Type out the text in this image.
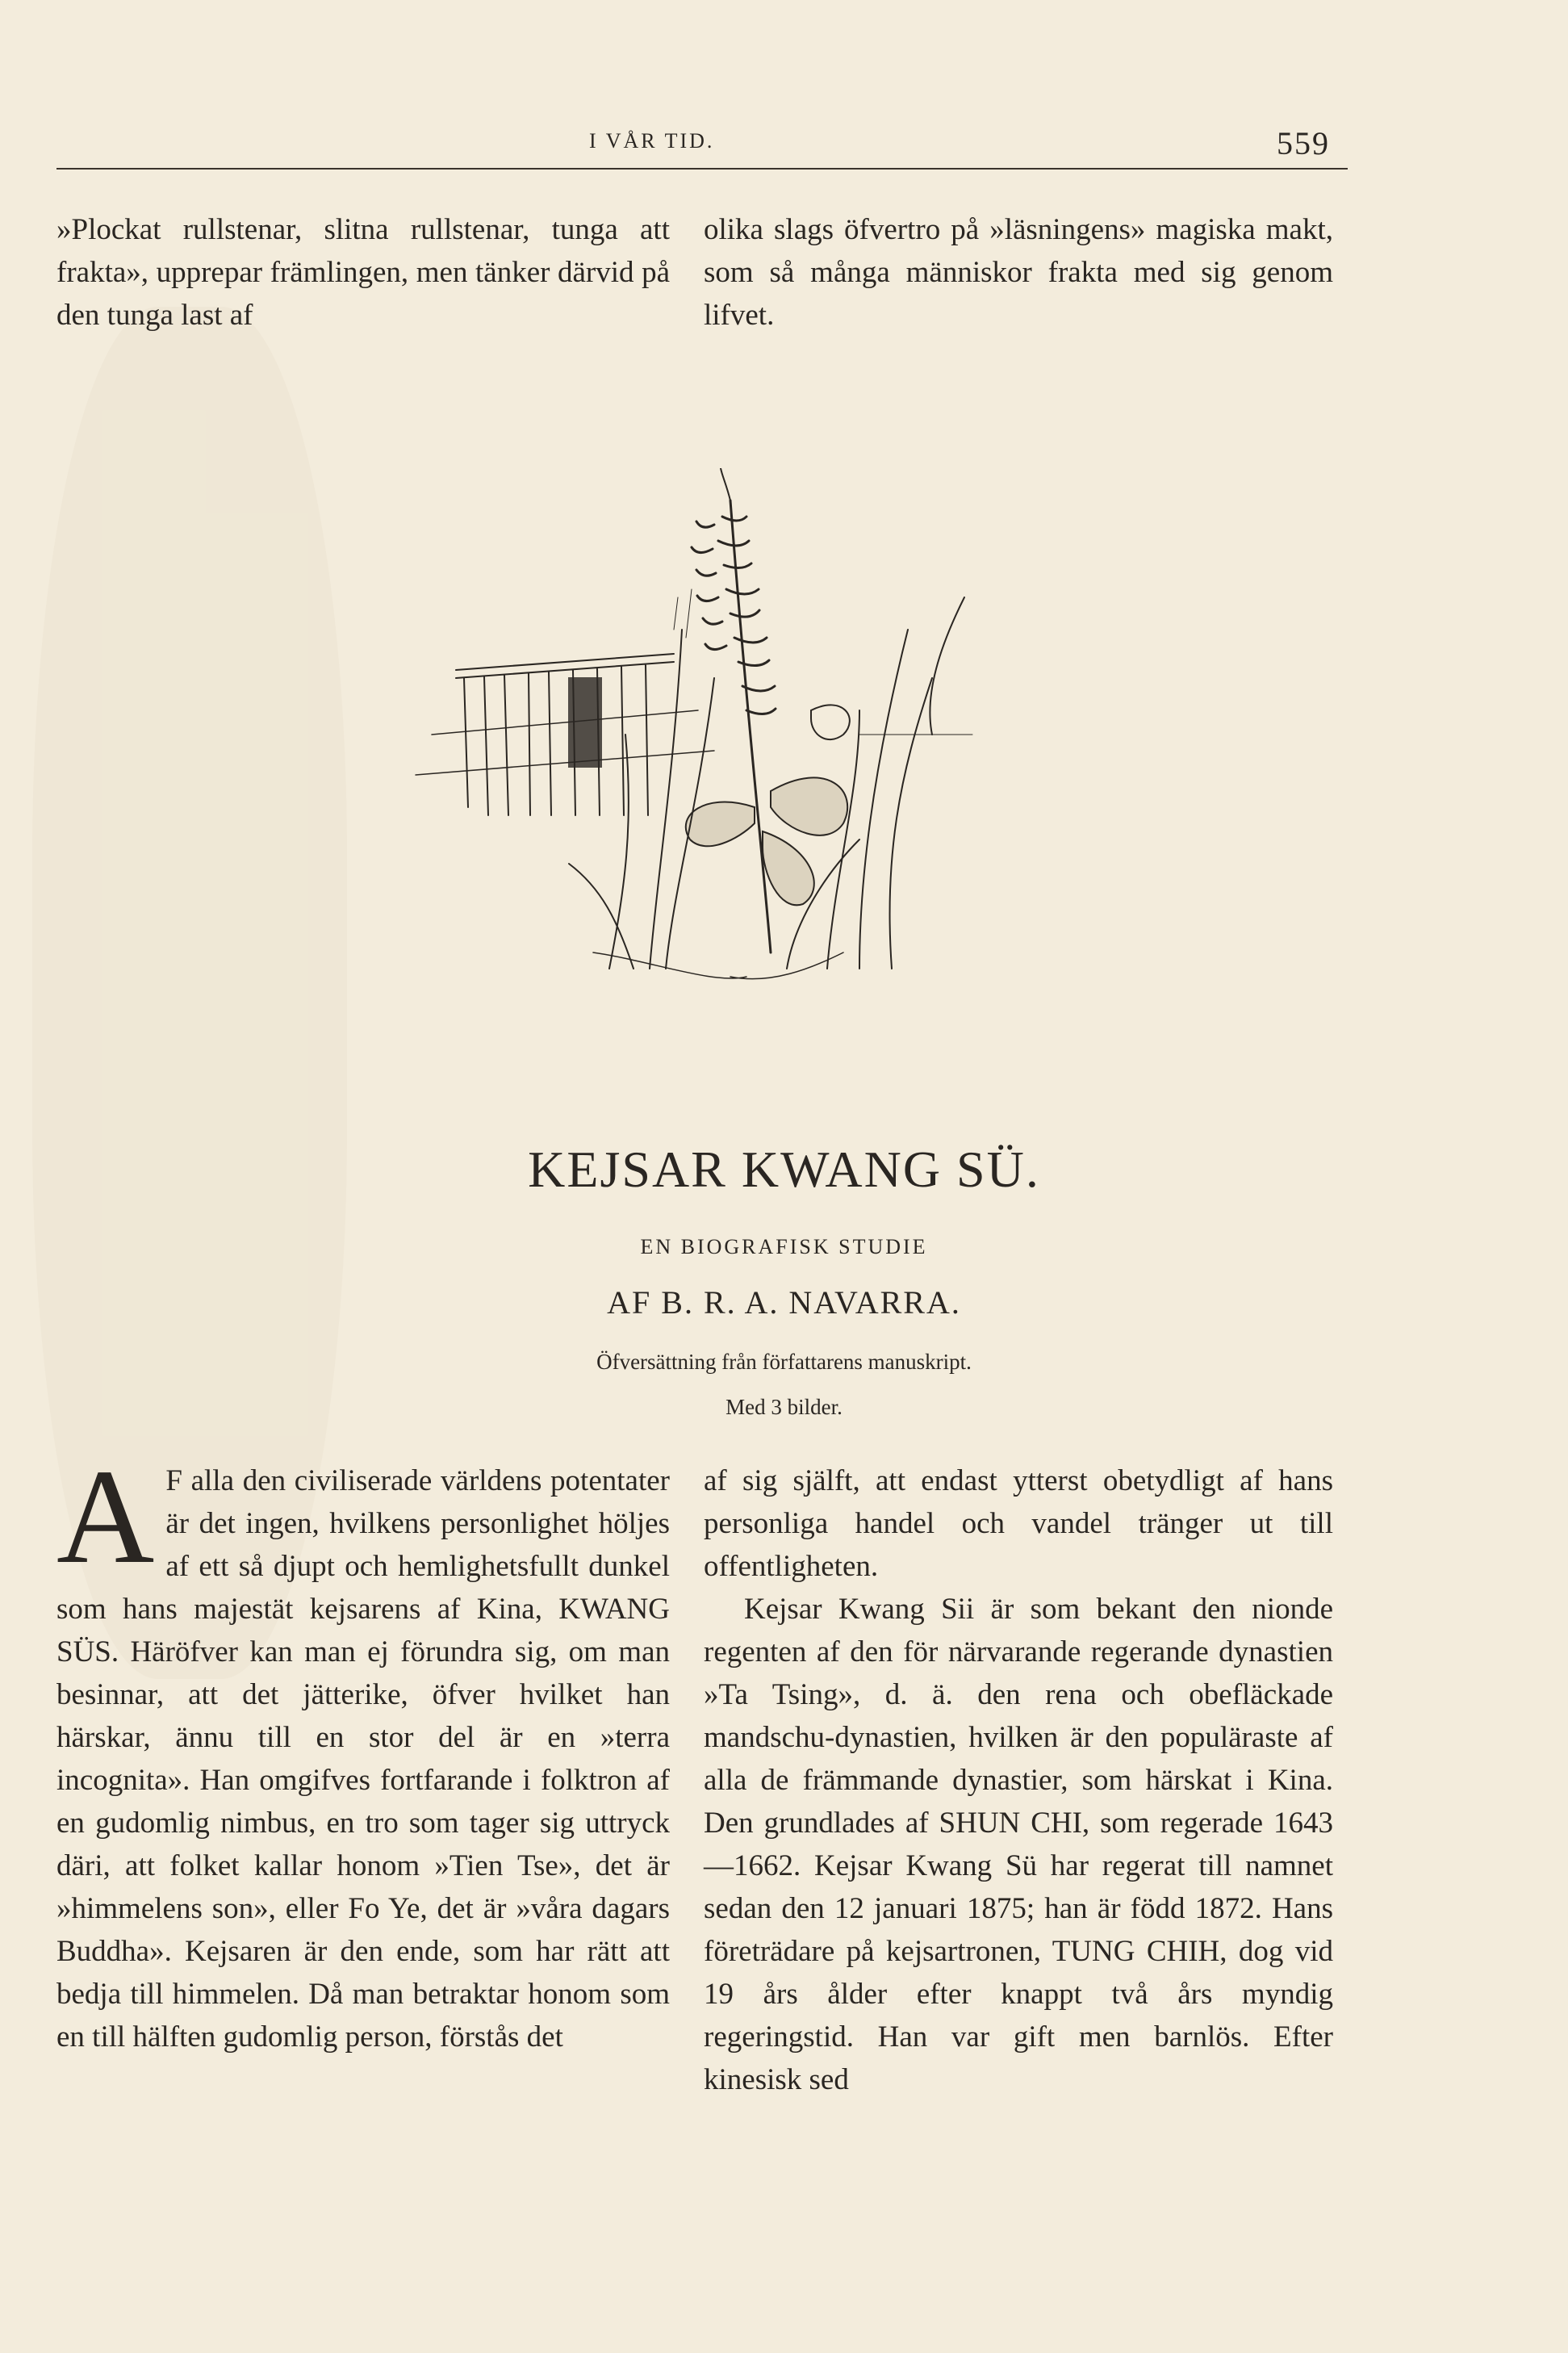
I VÅR TID.	559

»Plockat rullstenar, slitna rullstenar, tunga att frakta», upprepar främlingen, men tänker därvid på den tunga last af

olika slags öfvertro på »läsningens» magiska makt, som så många människor frakta med sig genom lifvet.

KEJSAR KWANG SÜ.
EN BIOGRAFISK STUDIE
AF B. R. A. NAVARRA.
Öfversättning från författarens manuskript.
Med 3 bilder.

A F alla den civiliserade världens potentater är det ingen, hvilkens personlighet höljes af ett så djupt och hemlighetsfullt dunkel som hans majestät kejsarens af Kina, KWANG SÜS. Häröfver kan man ej förundra sig, om man besinnar, att det jätterike, öfver hvilket han härskar, ännu till en stor del är en »terra incognita». Han omgifves fortfarande i folktron af en gudomlig nimbus, en tro som tager sig uttryck däri, att folket kallar honom »Tien Tse», det är »himmelens son», eller Fo Ye, det är »våra dagars Buddha». Kejsaren är den ende, som har rätt att bedja till himmelen. Då man betraktar honom som en till hälften gudomlig person, förstås det

af sig själft, att endast ytterst obetydligt af hans personliga handel och vandel tränger ut till offentligheten.

Kejsar Kwang Sii är som bekant den nionde regenten af den för närvarande regerande dynastien »Ta Tsing», d. ä. den rena och obefläckade mandschu-dynastien, hvilken är den populäraste af alla de främmande dynastier, som härskat i Kina. Den grundlades af SHUN CHI, som regerade 1643—1662. Kejsar Kwang Sü har regerat till namnet sedan den 12 januari 1875; han är född 1872. Hans företrädare på kejsartronen, TUNG CHIH, dog vid 19 års ålder efter knappt två års myndig regeringstid. Han var gift men barnlös. Efter kinesisk sed
